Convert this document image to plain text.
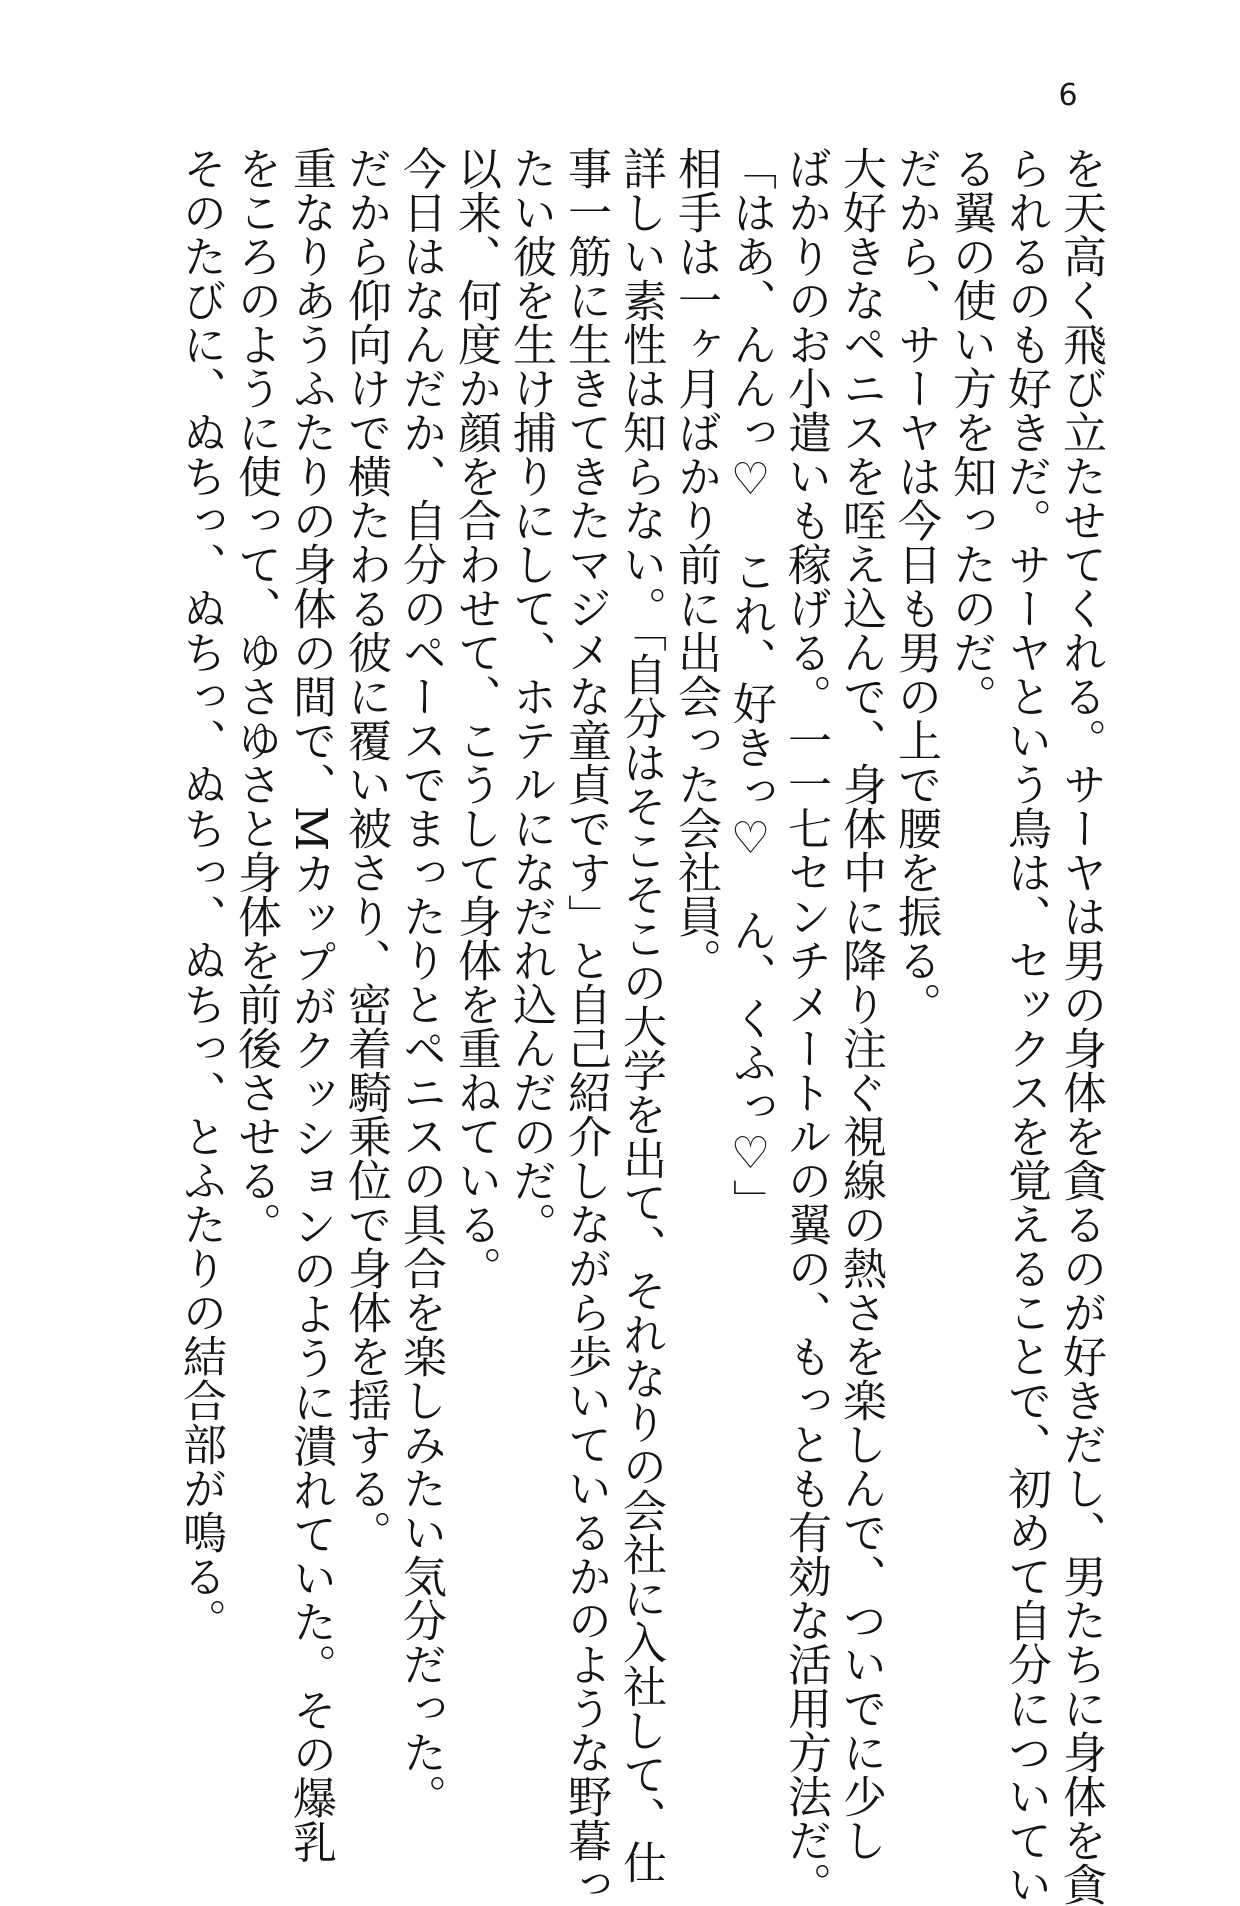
6
を天高く飛び立たせてくれる。サーヤは男の身体を貪るのが好きだし、男たちに身体を貪
られるのも好きだ。サーヤという鳥は、セックスを覚えることで、初めて自分についてい
る翼の使い方を知ったのだ。
だから、サーヤは今日も男の上で腰を振る。
大好きなペニスを咥え込んで、身体中に降り注ぐ視線の熱さを楽しんで、ついでに少し
ばかりのお小遣いも稼げる。一一七センチメートルの翼の、もっとも有効な活用方法だ。
「はあ、んんっ♡　これ、好きっ♡　ん、くふっ♡」
相手は一ヶ月ばかり前に出会った会社員。
詳しい素性は知らない。「自分はそこそこの大学を出て、それなりの会社に入社して、仕
事一筋に生きてきたマジメな童貞です」と自己紹介しながら歩いているかのような野暮っ
たい彼を生け捕りにして、ホテルになだれ込んだのだ。
以来、何度か顔を合わせて、こうして身体を重ねている。
今日はなんだか、自分のペースでまったりとペニスの具合を楽しみたい気分だった。
だから仰向けで横たわる彼に覆い被さり、密着騎乗位で身体を揺する。
重なりあうふたりの身体の間で、Mカップがクッションのように潰れていた。その爆乳
をころのように使って、ゆさゆさと身体を前後させる。
そのたびに、ぬちっ、ぬちっ、ぬちっ、ぬちっ、とふたりの結合部が鳴る。
